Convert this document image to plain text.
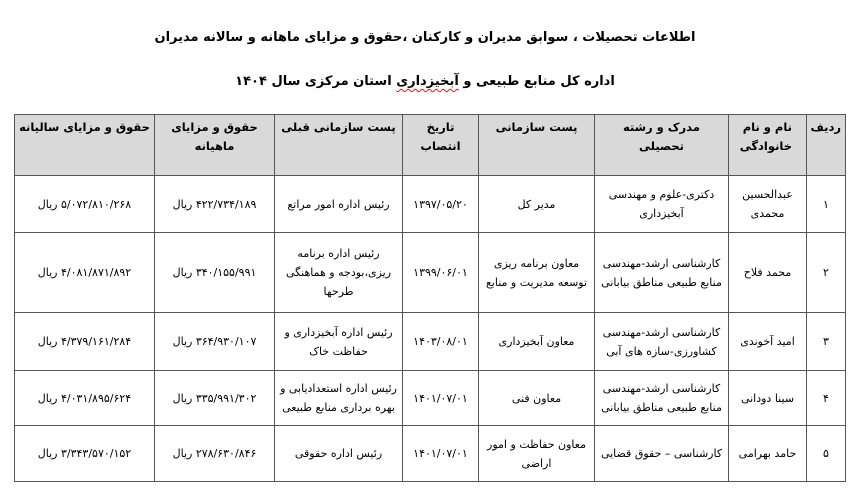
اطلاعات تحصیلات ، سوابق مدیران و کارکنان ،حقوق و مزایای ماهانه و سالانه مدیران
اداره کل منابع طبیعی و آبخیزداری استان مرکزی سال ۱۴۰۴
ردیف	نام و نام خانوادگی	مدرک و رشته تحصیلی	پست سازمانی	تاریخ انتصاب	پست سازمانی قبلی	حقوق و مزایای ماهیانه	حقوق و مزایای سالیانه
۱	عبدالحسین محمدی	دکتری-علوم و مهندسی آبخیزداری	مدیر کل	۱۳۹۷/۰۵/۲۰	رئیس اداره امور مراتع	۴۲۲/۷۳۴/۱۸۹ ریال	۵/۰۷۲/۸۱۰/۲۶۸ ریال
۲	محمد فلاح	کارشناسی ارشد-مهندسی منابع طبیعی مناطق بیابانی	معاون برنامه ریزی توسعه مدیریت و منابع	۱۳۹۹/۰۶/۰۱	رئیس اداره برنامه ریزی،بودجه و هماهنگی طرحها	۳۴۰/۱۵۵/۹۹۱ ریال	۴/۰۸۱/۸۷۱/۸۹۲ ریال
۳	امید آخوندی	کارشناسی ارشد-مهندسی کشاورزی-سازه های آبی	معاون آبخیزداری	۱۴۰۳/۰۸/۰۱	رئیس اداره آبخیزداری و حفاظت خاک	۳۶۴/۹۳۰/۱۰۷ ریال	۴/۳۷۹/۱۶۱/۲۸۴ ریال
۴	سینا دودانی	کارشناسی ارشد-مهندسی منابع طبیعی مناطق بیابانی	معاون فنی	۱۴۰۱/۰۷/۰۱	رئیس اداره استعدادیابی و بهره برداری منابع طبیعی	۳۳۵/۹۹۱/۳۰۲ ریال	۴/۰۳۱/۸۹۵/۶۲۴ ریال
۵	حامد بهرامی	کارشناسی – حقوق قضایی	معاون حفاظت و امور اراضی	۱۴۰۱/۰۷/۰۱	رئیس اداره حقوقی	۲۷۸/۶۳۰/۸۴۶ ریال	۳/۳۴۳/۵۷۰/۱۵۲ ریال
